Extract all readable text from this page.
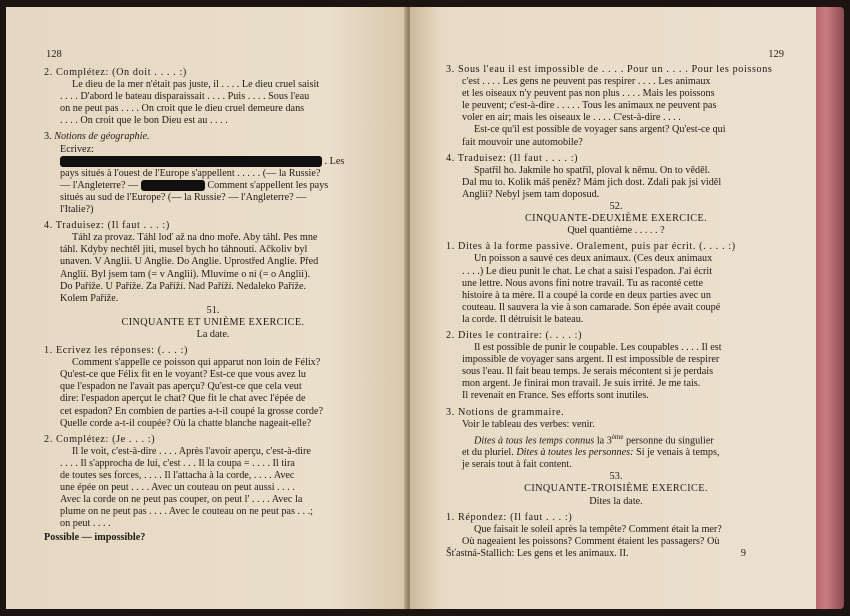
128

2. Complétez: (On doit . . . . :)

Le dieu de la mer n'était pas juste, il . . . . Le dieu cruel saisit

. . . . D'abord le bateau disparaissait . . . . Puis . . . . Sous l'eau

on ne peut pas . . . . On croit que le dieu cruel demeure dans

. . . . On croit que le bon Dieu est au . . . .

3. Notions de géographie.

Ecrivez:

. Les

pays situés à l'ouest de l'Europe s'appellent . . . . . (— la Russie?

— l'Angleterre? —	Comment s'appellent les pays

situés au sud de l'Europe? (— la Russie? — l'Angleterre? —

l'Italie?)

4. Traduisez: (Il faut . . . :)

Táhl za provaz. Táhl loď až na dno moře. Aby táhl. Pes mne

táhl. Kdyby nechtěl jíti, musel bych ho táhnouti. Ačkoliv byl

unaven. V Anglii. U Anglie. Do Anglie. Uprostřed Anglie. Před

Anglií. Byl jsem tam (= v Anglii). Mluvíme o ní (= o Anglii).

Do Paříže. U Paříže. Za Paříží. Nad Paříží. Nedaleko Paříže.

Kolem Paříže.

51.

CINQUANTE ET UNIÈME EXERCICE.

La date.

1. Ecrivez les réponses: (. . . :)

Comment s'appelle ce poisson qui apparut non loin de Félix?

Qu'est-ce que Félix fit en le voyant? Est-ce que vous avez lu

que l'espadon ne l'avait pas aperçu? Qu'est-ce que cela veut

dire: l'espadon aperçut le chat? Que fit le chat avec l'épée de

cet espadon? En combien de parties a-t-il coupé la grosse corde?

Quelle corde a-t-il coupée? Où la chatte blanche nageait-elle?

2. Complétez: (Je . . . :)

Il le voit, c'est-à-dire . . . . Après l'avoir aperçu, c'est-à-dire

. . . . Il s'approcha de lui, c'est . . . Il la coupa = . . . . Il tira

de toutes ses forces, . . . . Il l'attacha à la corde, . . . . Avec

une épée on peut . . . . Avec un couteau on peut aussi . . . .

Avec la corde on ne peut pas couper, on peut l' . . . . Avec la

plume on ne peut pas . . . . Avec le couteau on ne peut pas . . .;

on peut . . . .

Possible — impossible?

129

3. Sous l'eau il est impossible de . . . . Pour un . . . . Pour les poissons

c'est . . . . Les gens ne peuvent pas respirer . . . . Les animaux

et les oiseaux n'y peuvent pas non plus . . . . Mais les poissons

le peuvent; c'est-à-dire . . . . . Tous les animaux ne peuvent pas

voler en air; mais les oiseaux le . . . . C'est-à-dire . . . .

Est-ce qu'il est possible de voyager sans argent? Qu'est-ce qui

fait mouvoir une automobile?

4. Traduisez: (Il faut . . . . :)

Spatřil ho. Jakmile ho spatřil, ploval k němu. On to věděl.

Dal mu to. Kolik máš peněz? Mám jich dost. Zdali pak jsi viděl

Anglii? Nebyl jsem tam doposud.

52.

CINQUANTE-DEUXIÈME EXERCICE.

Quel quantième . . . . . ?

1. Dites à la forme passive. Oralement, puis par écrit. (. . . . :)

Un poisson a sauvé ces deux animaux. (Ces deux animaux

. . . .) Le dieu punit le chat. Le chat a saisi l'espadon. J'ai écrit

une lettre. Nous avons fini notre travail. Tu as raconté cette

histoire à ta mère. Il a coupé la corde en deux parties avec un

couteau. Il sauvera la vie à son camarade. Son épée avait coupé

la corde. Il détruisit le bateau.

2. Dites le contraire: (. . . . :)

Il est possible de punir le coupable. Les coupables . . . . Il est

impossible de voyager sans argent. Il est impossible de respirer

sous l'eau. Il fait beau temps. Je serais mécontent si je perdais

mon argent. Je finirai mon travail. Je suis irrité. Je me tais.

Il revenait en France. Ses efforts sont inutiles.

3. Notions de grammaire.

Voir le tableau des verbes: venir.

Dites à tous les temps connus la 3ème personne du singulier

et du pluriel. Dites à toutes les personnes: Si je venais à temps,

je serais tout à fait content.

53.

CINQUANTE-TROISIÈME EXERCICE.

Dites la date.

1. Répondez: (Il faut . . . :)

Que faisait le soleil après la tempête? Comment était la mer?

Où nageaient les poissons? Comment étaient les passagers? Où

Šťastná-Stallich: Les gens et les animaux. II.	9
